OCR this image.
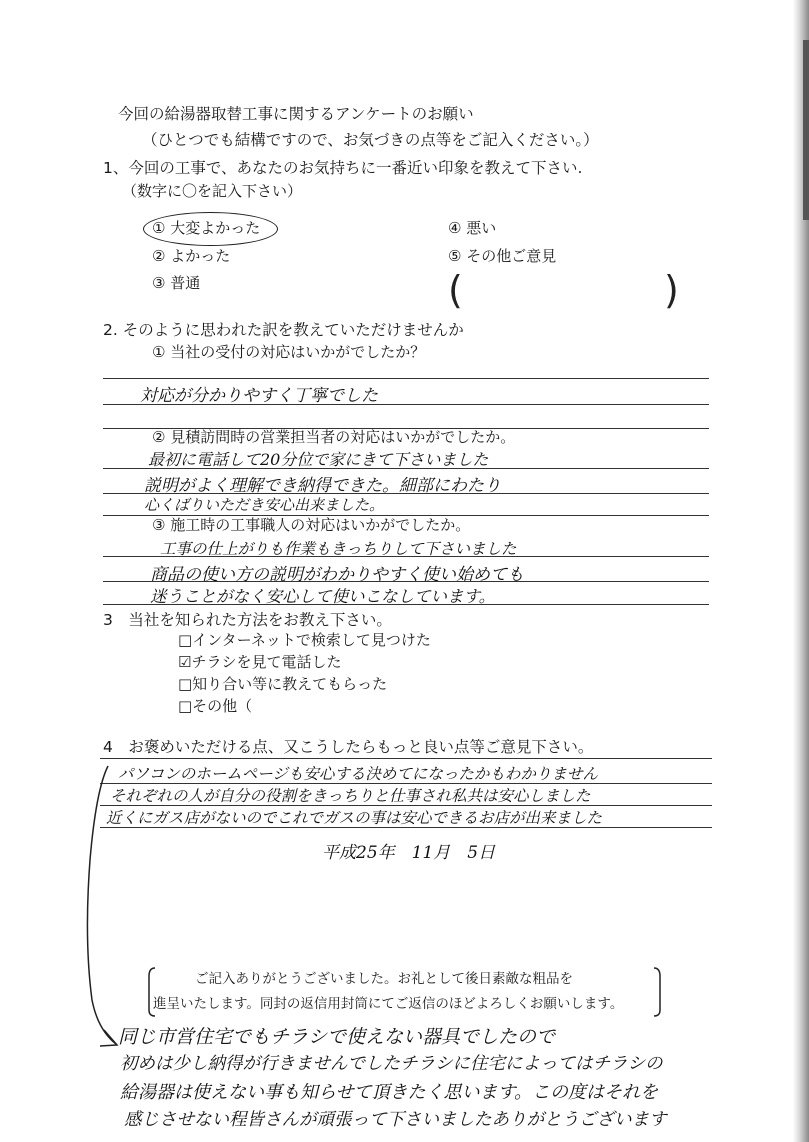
今回の給湯器取替工事に関するアンケートのお願い
（ひとつでも結構ですので、お気づきの点等をご記入ください。）
1、今回の工事で、あなたのお気持ちに一番近い印象を教えて下さい.
（数字に〇を記入下さい）
① 大変よかった
② よかった
③ 普通
④ 悪い
⑤ その他ご意見
(	)
2. そのように思われた訳を教えていただけませんか
① 当社の受付の対応はいかがでしたか？
対応が分かりやすく丁寧でした
② 見積訪問時の営業担当者の対応はいかがでしたか。
最初に電話して20分位で家にきて下さいました
説明がよく理解でき納得できた。細部にわたり
心くばりいただき安心出来ました。
③ 施工時の工事職人の対応はいかがでしたか。
工事の仕上がりも作業もきっちりして下さいました
商品の使い方の説明がわかりやすく使い始めても
迷うことがなく安心して使いこなしています。
3　当社を知られた方法をお教え下さい。
□インターネットで検索して見つけた
☑チラシを見て電話した
□知り合い等に教えてもらった
□その他（
4　お褒めいただける点、又こうしたらもっと良い点等ご意見下さい。
パソコンのホームページも安心する決めてになったかもわかりません
それぞれの人が自分の役割をきっちりと仕事され私共は安心しました
近くにガス店がないのでこれでガスの事は安心できるお店が出来ました
平成25年　11月　5日
ご記入ありがとうございました。お礼として後日素敵な粗品を
進呈いたします。同封の返信用封筒にてご返信のほどよろしくお願いします。
同じ市営住宅でもチラシで使えない器具でしたので
初めは少し納得が行きませんでしたチラシに住宅によってはチラシの
給湯器は使えない事も知らせて頂きたく思います。この度はそれを
感じさせない程皆さんが頑張って下さいましたありがとうございます
